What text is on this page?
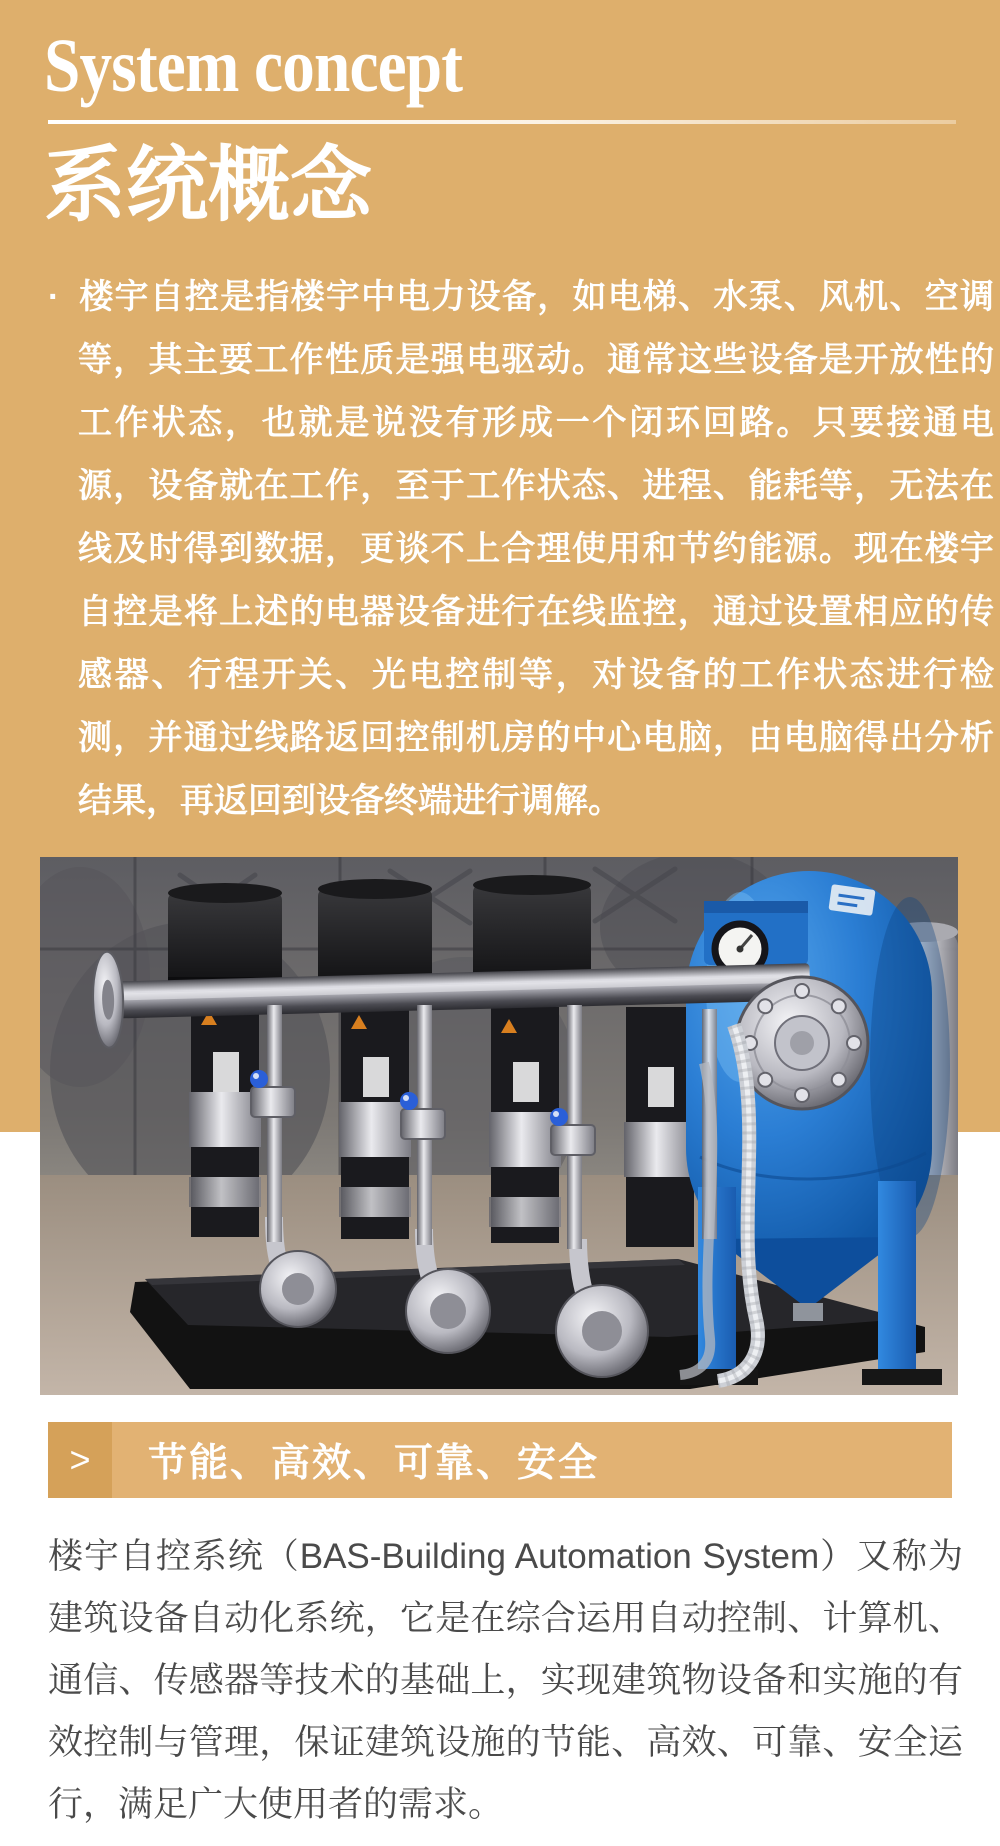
System concept
系统概念
· 楼宇自控是指楼宇中电力设备，如电梯、水泵、风机、空调等，其主要工作性质是强电驱动。通常这些设备是开放性的工作状态，也就是说没有形成一个闭环回路。只要接通电源，设备就在工作，至于工作状态、进程、能耗等，无法在线及时得到数据，更谈不上合理使用和节约能源。现在楼宇自控是将上述的电器设备进行在线监控，通过设置相应的传感器、行程开关、光电控制等，对设备的工作状态进行检测，并通过线路返回控制机房的中心电脑，由电脑得出分析结果，再返回到设备终端进行调解。
>	节能、高效、可靠、安全
楼宇自控系统（BAS-Building Automation System）又称为建筑设备自动化系统，它是在综合运用自动控制、计算机、通信、传感器等技术的基础上，实现建筑物设备和实施的有效控制与管理，保证建筑设施的节能、高效、可靠、安全运行，满足广大使用者的需求。
